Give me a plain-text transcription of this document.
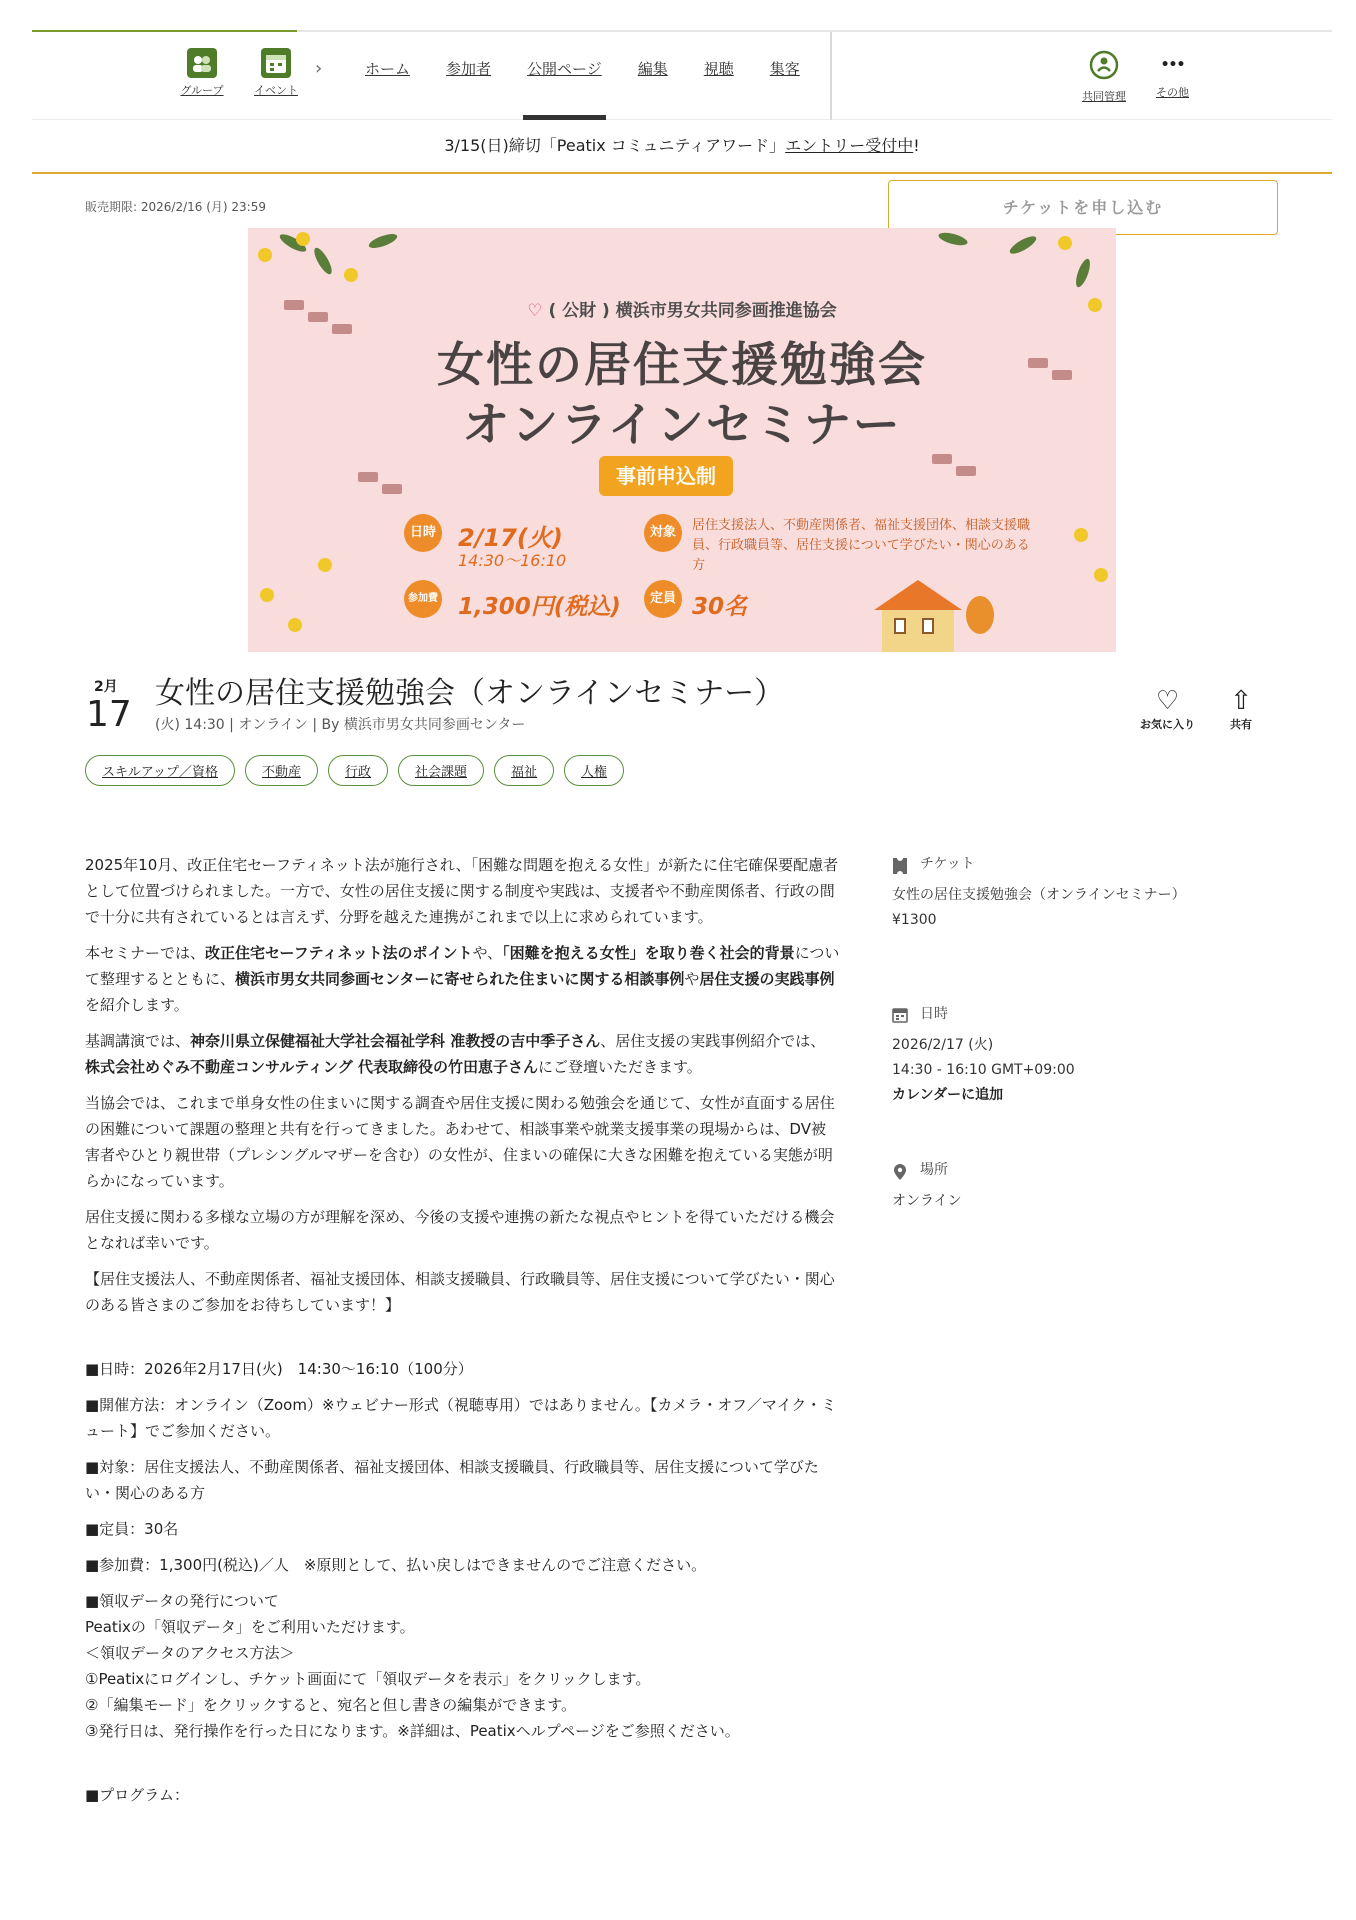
グループ	イベント
›	ホーム	参加者	公開ページ	編集	視聴	集客
共同管理
•••
その他
3/15(日)締切「Peatix コミュニティアワード」エントリー受付中!
販売期限: 2026/2/16 (月) 23:59	チケットを申し込む
♡ ( 公財 ) 横浜市男女共同参画推進協会
女性の居住支援勉強会
オンラインセミナー
事前申込制
日時 2/17(火)
14:30〜16:10
参加費 1,300円(税込)
対象	居住支援法人、不動産関係者、福祉支援団体、相談支援職員、行政職員等、居住支援について学びたい・関心のある方
定員 30名
2月
17
女性の居住支援勉強会（オンラインセミナー）
(火) 14:30 | オンライン | By 横浜市男女共同参画センター
♡
お気に入り
⇧
共有
スキルアップ／資格	不動産	行政	社会課題	福祉	人権

2025年10月、改正住宅セーフティネット法が施行され、「困難な問題を抱える女性」が新たに住宅確保要配慮者として位置づけられました。一方で、女性の居住支援に関する制度や実践は、支援者や不動産関係者、行政の間で十分に共有されているとは言えず、分野を越えた連携がこれまで以上に求められています。

本セミナーでは、改正住宅セーフティネット法のポイントや、「困難を抱える女性」を取り巻く社会的背景について整理するとともに、横浜市男女共同参画センターに寄せられた住まいに関する相談事例や居住支援の実践事例を紹介します。

基調講演では、神奈川県立保健福祉大学社会福祉学科 准教授の吉中季子さん、居住支援の実践事例紹介では、株式会社めぐみ不動産コンサルティング 代表取締役の竹田恵子さんにご登壇いただきます。

当協会では、これまで単身女性の住まいに関する調査や居住支援に関わる勉強会を通じて、女性が直面する居住の困難について課題の整理と共有を行ってきました。あわせて、相談事業や就業支援事業の現場からは、DV被害者やひとり親世帯（プレシングルマザーを含む）の女性が、住まいの確保に大きな困難を抱えている実態が明らかになっています。

居住支援に関わる多様な立場の方が理解を深め、今後の支援や連携の新たな視点やヒントを得ていただける機会となれば幸いです。

【居住支援法人、不動産関係者、福祉支援団体、相談支援職員、行政職員等、居住支援について学びたい・関心のある皆さまのご参加をお待ちしています！】

■日時：2026年2月17日(火)　14:30〜16:10（100分）

■開催方法：オンライン（Zoom）※ウェビナー形式（視聴専用）ではありません。【カメラ・オフ／マイク・ミュート】でご参加ください。

■対象：居住支援法人、不動産関係者、福祉支援団体、相談支援職員、行政職員等、居住支援について学びたい・関心のある方

■定員：30名

■参加費：1,300円(税込)／人　※原則として、払い戻しはできませんのでご注意ください。

■領収データの発行について

Peatixの「領収データ」をご利用いただけます。

＜領収データのアクセス方法＞

①Peatixにログインし、チケット画面にて「領収データを表示」をクリックします。

②「編集モード」をクリックすると、宛名と但し書きの編集ができます。

③発行日は、発行操作を行った日になります。※詳細は、Peatixヘルプページをご参照ください。

■プログラム：

チケット
女性の居住支援勉強会（オンラインセミナー）
¥1300
日時
2026/2/17 (火)
14:30 - 16:10 GMT+09:00
カレンダーに追加
場所
オンライン
